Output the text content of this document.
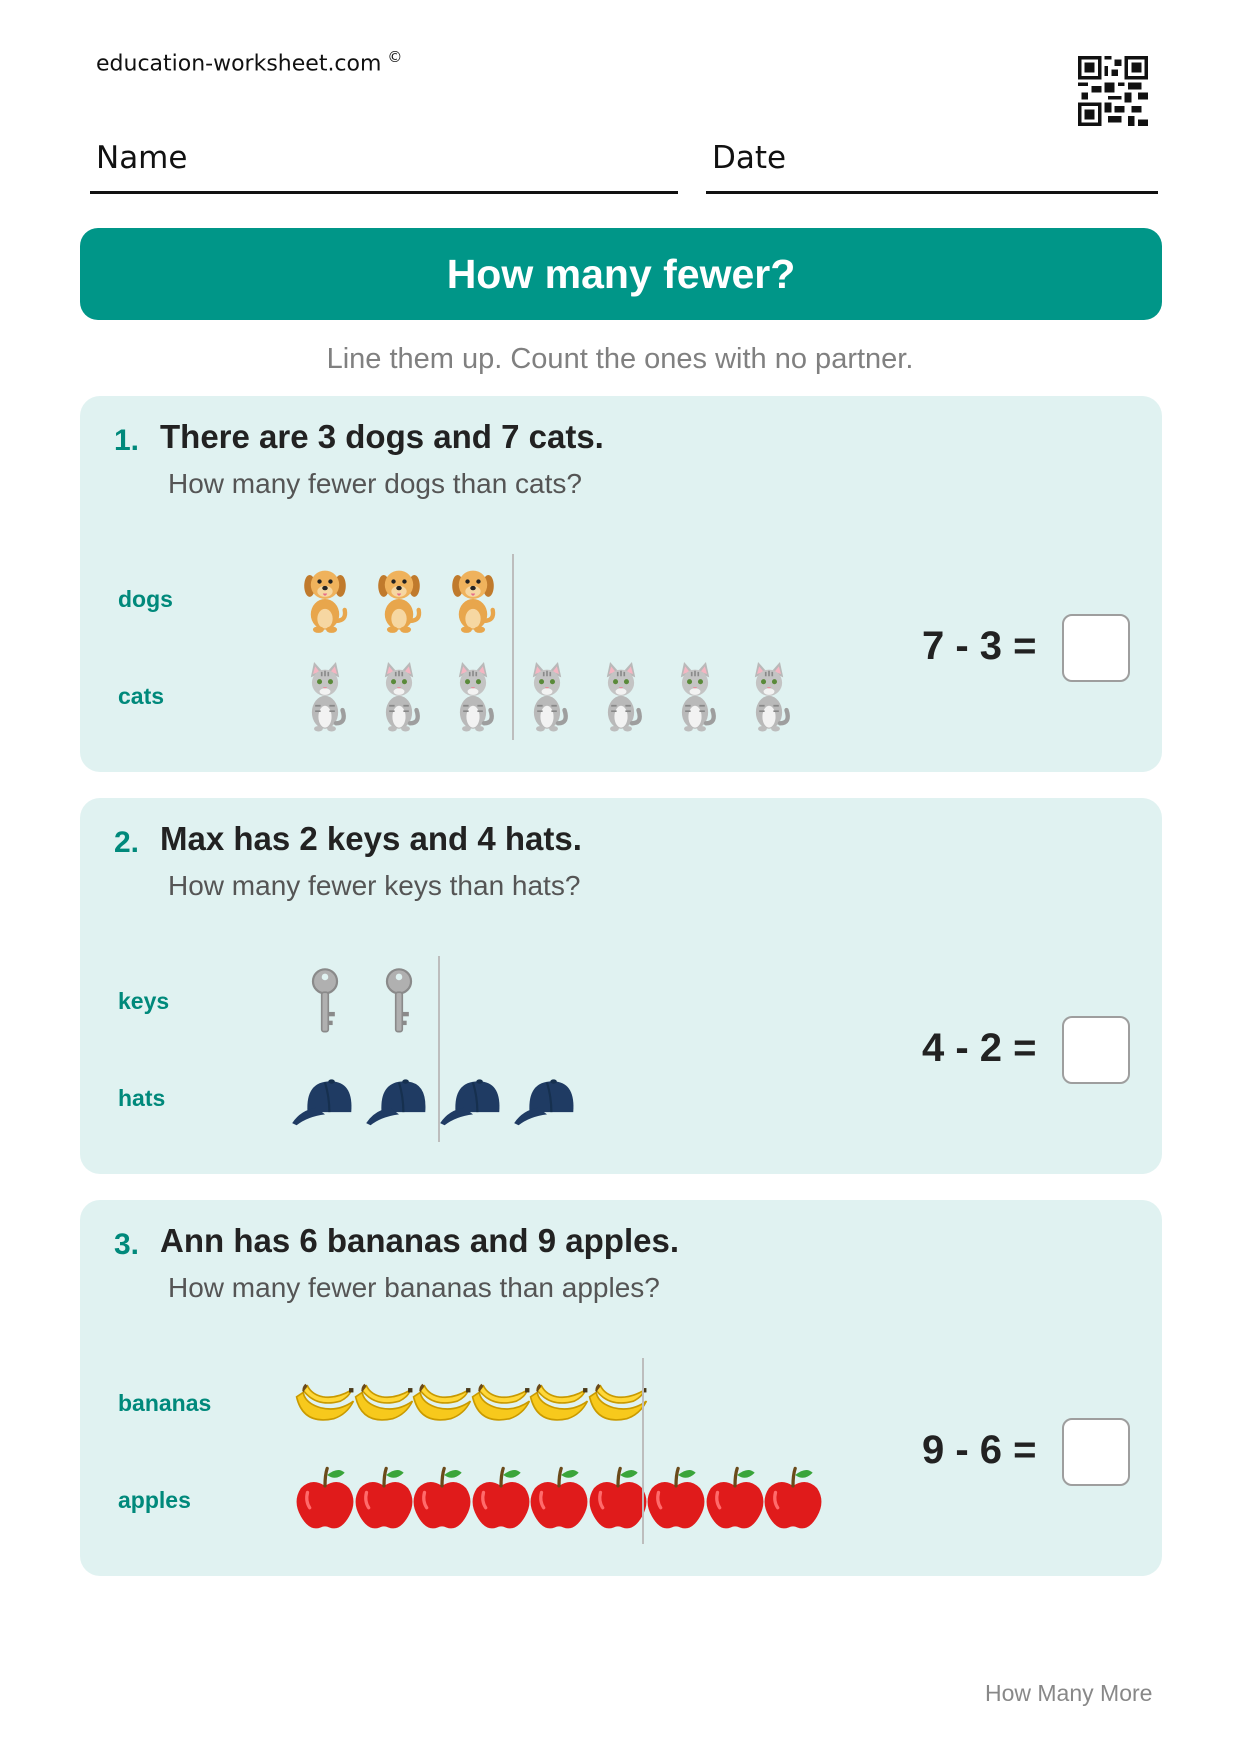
education-worksheet.com ©
Name	Date
How many fewer?
Line them up. Count the ones with no partner.
1. There are 3 dogs and 7 cats.
How many fewer dogs than cats?
dogs
cats
7 - 3 =
2. Max has 2 keys and 4 hats.
How many fewer keys than hats?
keys
hats
4 - 2 =
3. Ann has 6 bananas and 9 apples.
How many fewer bananas than apples?
bananas
apples
9 - 6 =
How Many More
